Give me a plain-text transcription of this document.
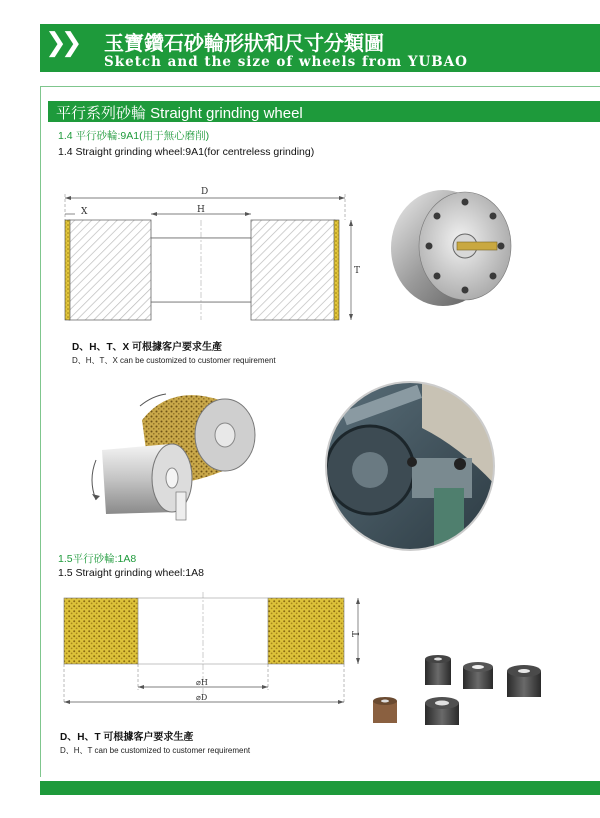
❯❯ 玉寶鑽石砂輪形狀和尺寸分類圖
Sketch and the size of wheels from YUBAO
平行系列砂輪 Straight grinding wheel
1.4 平行砂輪:9A1(用于無心磨削)
1.4 Straight grinding wheel:9A1(for centreless grinding)
D
X	H
T
D、H、T、X 可根據客户要求生產
D、H、T、X can be customized to customer requirement
1.5平行砂輪:1A8
1.5 Straight grinding wheel:1A8
T
⌀H
⌀D
D、H、T 可根據客户要求生產
D、H、T can be customized to customer requirement
